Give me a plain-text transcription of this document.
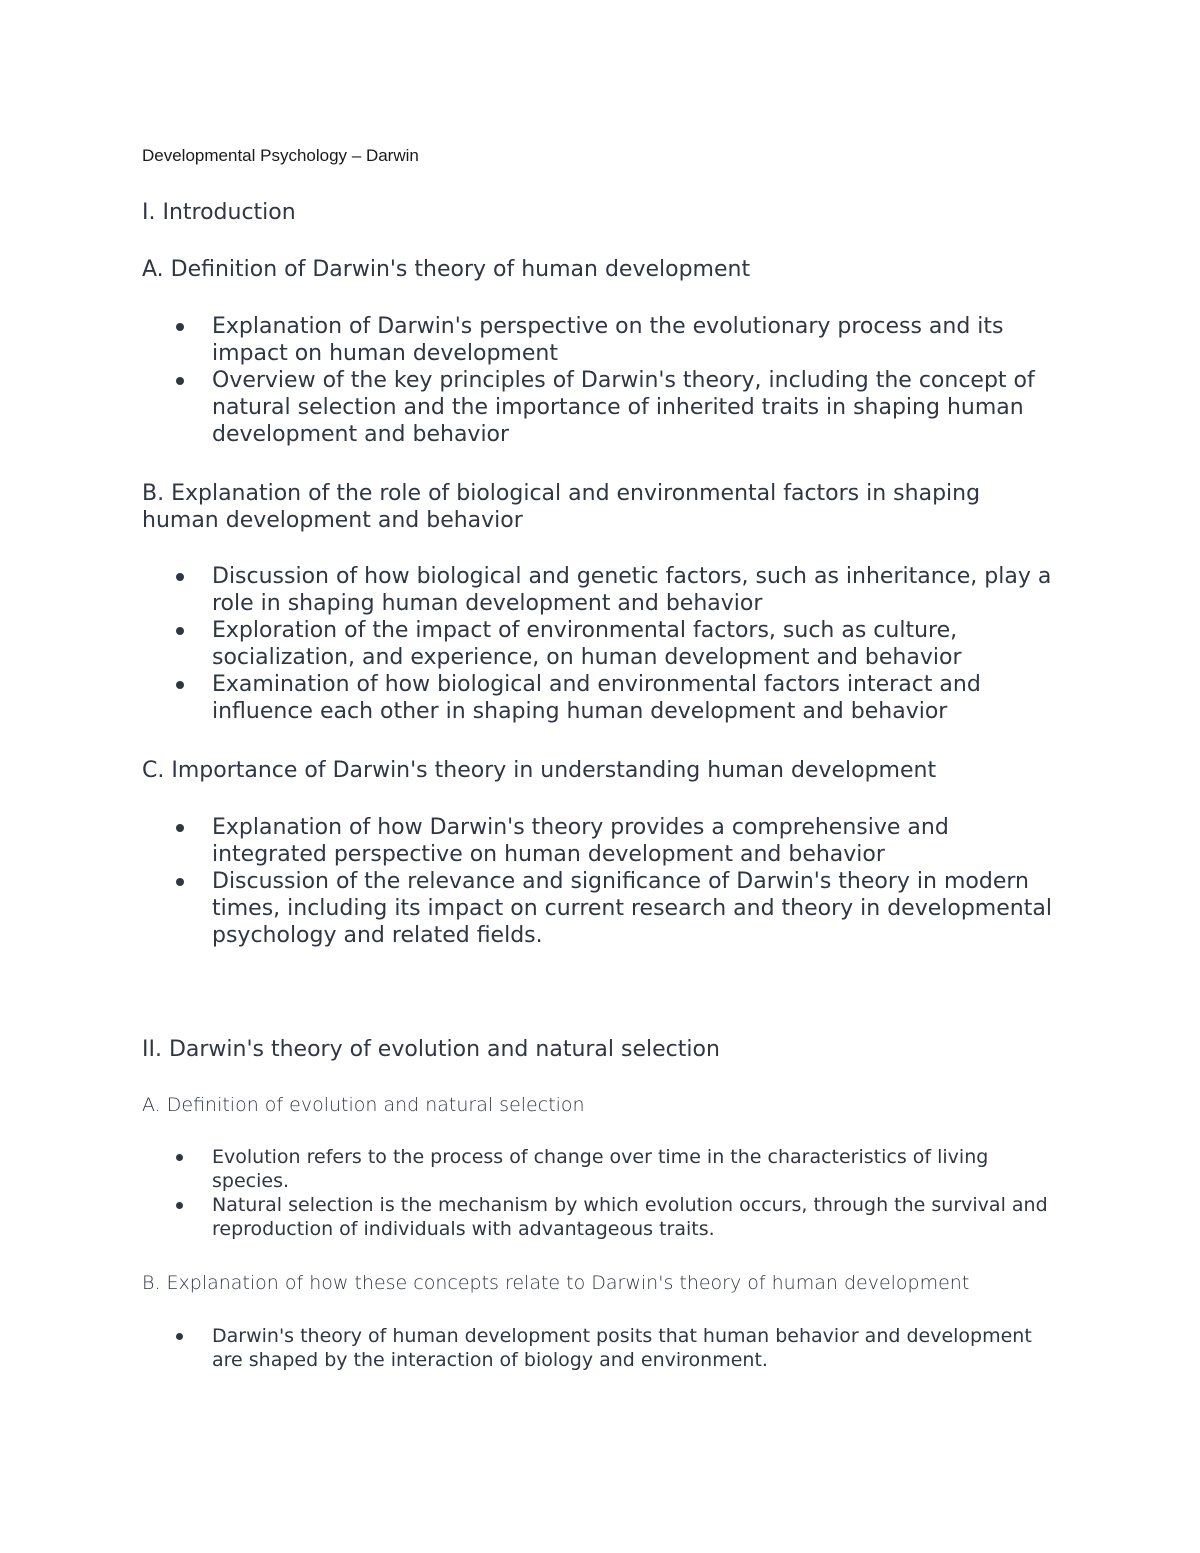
Developmental Psychology – Darwin

I. Introduction

A. Definition of Darwin's theory of human development

Explanation of Darwin's perspective on the evolutionary process and its impact on human development
Overview of the key principles of Darwin's theory, including the concept of natural selection and the importance of inherited traits in shaping human development and behavior

B. Explanation of the role of biological and environmental factors in shaping human development and behavior

Discussion of how biological and genetic factors, such as inheritance, play a role in shaping human development and behavior
Exploration of the impact of environmental factors, such as culture, socialization, and experience, on human development and behavior
Examination of how biological and environmental factors interact and influence each other in shaping human development and behavior

C. Importance of Darwin's theory in understanding human development

Explanation of how Darwin's theory provides a comprehensive and integrated perspective on human development and behavior
Discussion of the relevance and significance of Darwin's theory in modern times, including its impact on current research and theory in developmental psychology and related fields.

II. Darwin's theory of evolution and natural selection

A. Definition of evolution and natural selection

Evolution refers to the process of change over time in the characteristics of living species.
Natural selection is the mechanism by which evolution occurs, through the survival and reproduction of individuals with advantageous traits.

B. Explanation of how these concepts relate to Darwin's theory of human development

Darwin's theory of human development posits that human behavior and development are shaped by the interaction of biology and environment.
